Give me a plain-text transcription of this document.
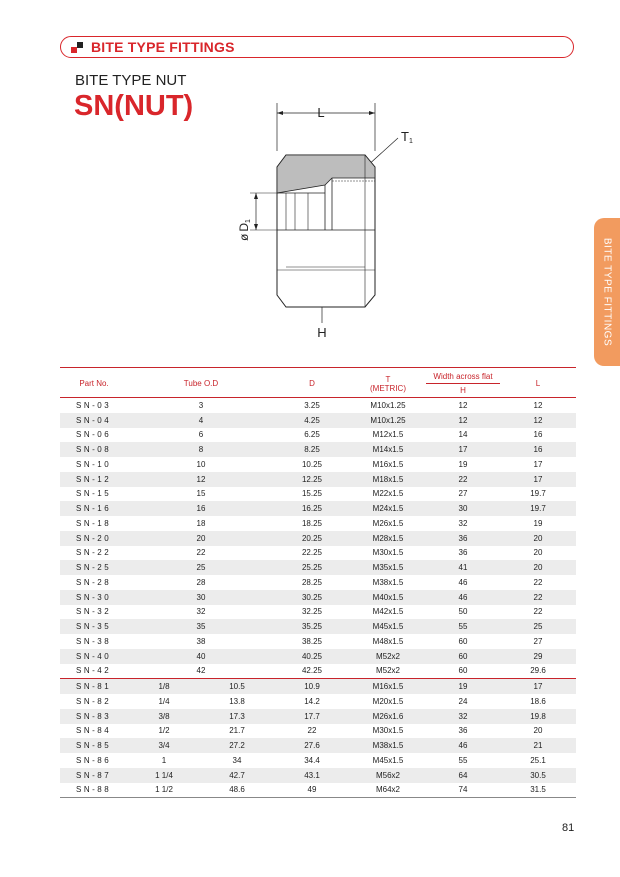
BITE TYPE FITTINGS
BITE TYPE NUT
SN(NUT)
BITE TYPE FITTINGS
L
T1
øD1
H
Part No.	Tube O.D		D	T
(METRIC)	Width across flat	L
					H	

SN-03	3		3.25	M10x1.25	12	12
SN-04	4		4.25	M10x1.25	12	12
SN-06	6		6.25	M12x1.5	14	16
SN-08	8		8.25	M14x1.5	17	16
SN-10	10		10.25	M16x1.5	19	17
SN-12	12		12.25	M18x1.5	22	17
SN-15	15		15.25	M22x1.5	27	19.7
SN-16	16		16.25	M24x1.5	30	19.7
SN-18	18		18.25	M26x1.5	32	19
SN-20	20		20.25	M28x1.5	36	20
SN-22	22		22.25	M30x1.5	36	20
SN-25	25		25.25	M35x1.5	41	20
SN-28	28		28.25	M38x1.5	46	22
SN-30	30		30.25	M40x1.5	46	22
SN-32	32		32.25	M42x1.5	50	22
SN-35	35		35.25	M45x1.5	55	25
SN-38	38		38.25	M48x1.5	60	27
SN-40	40		40.25	M52x2	60	29
SN-42	42		42.25	M52x2	60	29.6
SN-81	1/8	10.5	10.9	M16x1.5	19	17
SN-82	1/4	13.8	14.2	M20x1.5	24	18.6
SN-83	3/8	17.3	17.7	M26x1.6	32	19.8
SN-84	1/2	21.7	22	M30x1.5	36	20
SN-85	3/4	27.2	27.6	M38x1.5	46	21
SN-86	1	34	34.4	M45x1.5	55	25.1
SN-87	1 1/4	42.7	43.1	M56x2	64	30.5
SN-88	1 1/2	48.6	49	M64x2	74	31.5
81
